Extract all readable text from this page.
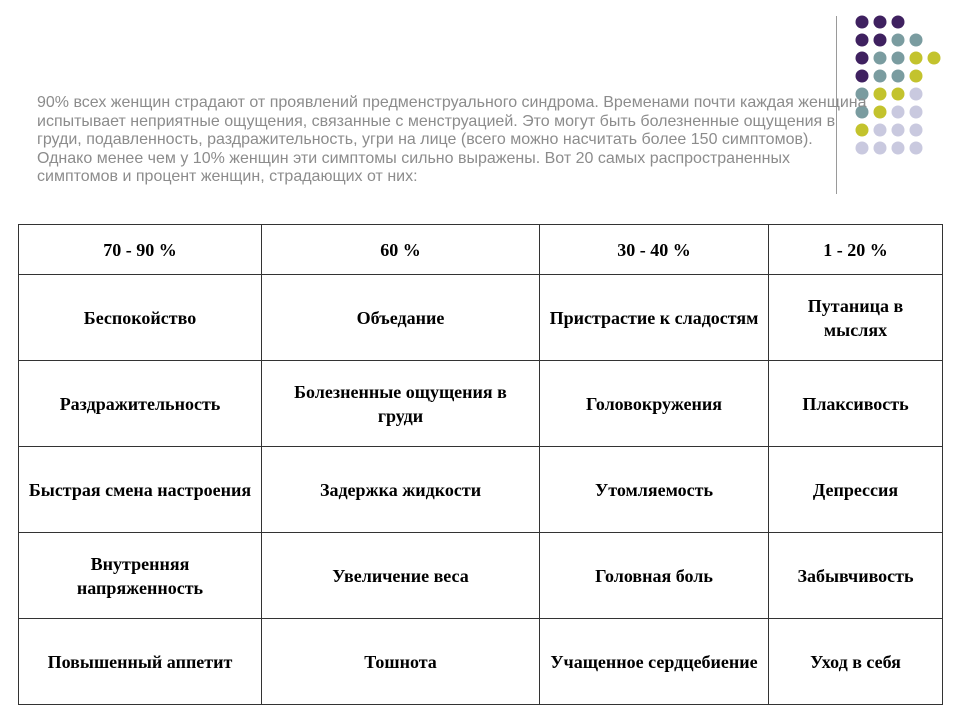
90% всех женщин страдают от проявлений предменструального синдрома. Временами почти каждая женщина

испытывает неприятные ощущения, связанные с менструацией. Это могут быть болезненные ощущения в

груди, подавленность, раздражительность, угри на лице (всего можно насчитать более 150 симптомов).

Однако менее чем у 10% женщин эти симптомы сильно выражены. Вот 20 самых распространенных

симптомов и процент женщин, страдающих от них:

70 - 90 %	60 %	30 - 40 %	1 - 20 %
Беспокойство	Объедание	Пристрастие к сладостям	Путаница в мыслях
Раздражительность	Болезненные ощущения в груди	Головокружения	Плаксивость
Быстрая смена настроения	Задержка жидкости	Утомляемость	Депрессия
Внутренняя напряженность	Увеличение веса	Головная боль	Забывчивость
Повышенный аппетит	Тошнота	Учащенное сердцебиение	Уход в себя
